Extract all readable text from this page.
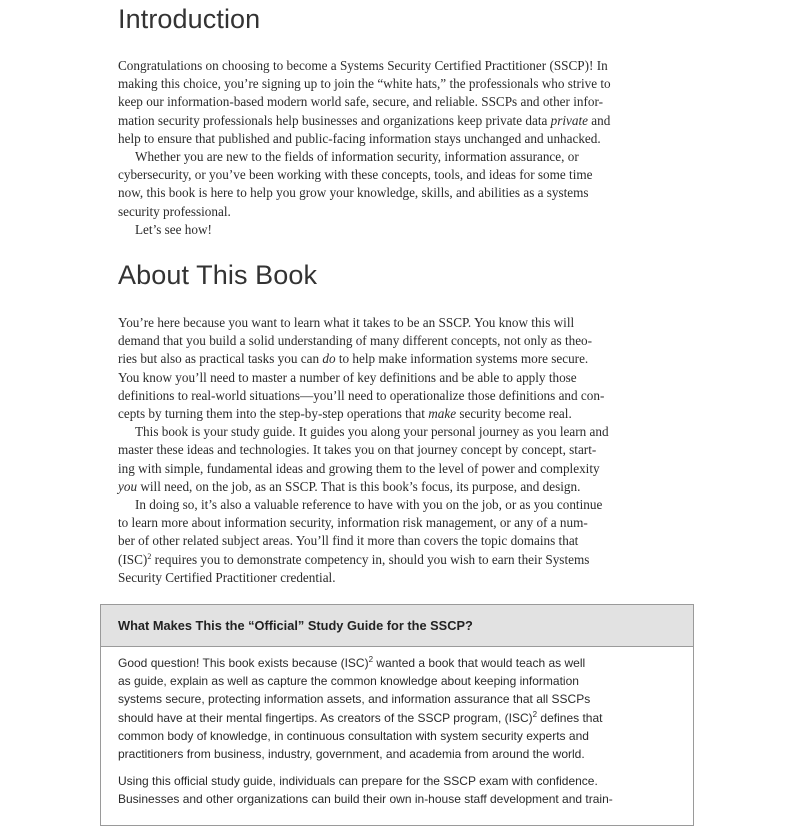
Introduction
Congratulations on choosing to become a Systems Security Certified Practitioner (SSCP)! In
making this choice, you’re signing up to join the “white hats,” the professionals who strive to
keep our information-based modern world safe, secure, and reliable. SSCPs and other infor-
mation security professionals help businesses and organizations keep private data private and
help to ensure that published and public-facing information stays unchanged and unhacked.
Whether you are new to the fields of information security, information assurance, or
cybersecurity, or you’ve been working with these concepts, tools, and ideas for some time
now, this book is here to help you grow your knowledge, skills, and abilities as a systems
security professional.
Let’s see how!
About This Book
You’re here because you want to learn what it takes to be an SSCP. You know this will
demand that you build a solid understanding of many different concepts, not only as theo-
ries but also as practical tasks you can do to help make information systems more secure.
You know you’ll need to master a number of key definitions and be able to apply those
definitions to real-world situations—you’ll need to operationalize those definitions and con-
cepts by turning them into the step-by-step operations that make security become real.
This book is your study guide. It guides you along your personal journey as you learn and
master these ideas and technologies. It takes you on that journey concept by concept, start-
ing with simple, fundamental ideas and growing them to the level of power and complexity
you will need, on the job, as an SSCP. That is this book’s focus, its purpose, and design.
In doing so, it’s also a valuable reference to have with you on the job, or as you continue
to learn more about information security, information risk management, or any of a num-
ber of other related subject areas. You’ll find it more than covers the topic domains that
(ISC)$^2$ requires you to demonstrate competency in, should you wish to earn their Systems
Security Certified Practitioner credential.
What Makes This the “Official” Study Guide for the SSCP?
Good question! This book exists because (ISC)$^2$ wanted a book that would teach as well
as guide, explain as well as capture the common knowledge about keeping information
systems secure, protecting information assets, and information assurance that all SSCPs
should have at their mental fingertips. As creators of the SSCP program, (ISC)$^2$ defines that
common body of knowledge, in continuous consultation with system security experts and
practitioners from business, industry, government, and academia from around the world.
Using this official study guide, individuals can prepare for the SSCP exam with confidence.
Businesses and other organizations can build their own in-house staff development and train-
